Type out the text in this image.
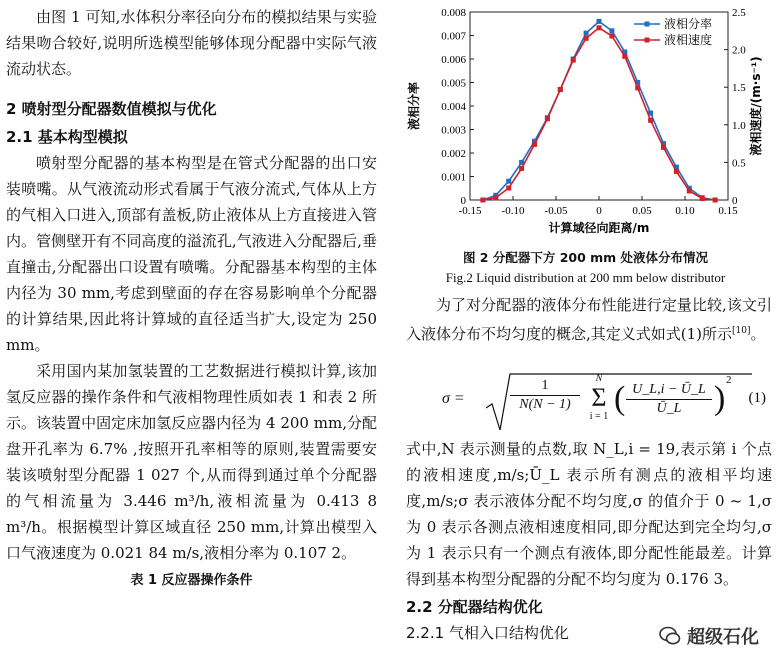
由图 1 可知,水体积分率径向分布的模拟结果与实验结果吻合较好,说明所选模型能够体现分配器中实际气液流动状态。

2 喷射型分配器数值模拟与优化

2.1 基本构型模拟

喷射型分配器的基本构型是在管式分配器的出口安装喷嘴。从气液流动形式看属于气液分流式,气体从上方的气相入口进入,顶部有盖板,防止液体从上方直接进入管内。管侧壁开有不同高度的溢流孔,气液进入分配器后,垂直撞击,分配器出口设置有喷嘴。分配器基本构型的主体内径为 30 mm,考虑到壁面的存在容易影响单个分配器的计算结果,因此将计算域的直径适当扩大,设定为 250 mm。

采用国内某加氢装置的工艺数据进行模拟计算,该加氢反应器的操作条件和气液相物理性质如表 1 和表 2 所示。该装置中固定床加氢反应器内径为 4 200 mm,分配盘开孔率为 6.7% ,按照开孔率相等的原则,装置需要安装该喷射型分配器 1 027 个,从而得到通过单个分配器的气相流量为 3.446 m³/h,液相流量为 0.413 8 m³/h。根据模型计算区域直径 250 mm,计算出模型入口气液速度为 0.021 84 m/s,液相分率为 0.107 2。

表 1 反应器操作条件

-0.15 -0.10 -0.05	0	0.05 0.10 0.15
0
0.001
0.002
0.003
0.004
0.005
0.006
0.007
0.008
0
0.5
1.0
1.5
2.0
2.5
计算域径向距离/m
液相分率	液相速度/(m·s⁻¹)
液相分率
液相速度
图 2 分配器下方 200 mm 处液体分布情况
Fig.2 Liquid distribution at 200 mm below distributor

为了对分配器的液体分布性能进行定量比较,该文引入液体分布不均匀度的概念,其定义式如式(1)所示[10]。

σ =
1
N(N − 1)
N
Σ
i = 1 ( U_L,i − Ū_L
Ū_L ) 2
(1)

式中,N 表示测量的点数,取 N_L,i = 19,表示第 i 个点的液相速度,m/s;Ū_L 表示所有测点的液相平均速度,m/s;σ 表示液体分配不均匀度,σ 的值介于 0 ~ 1,σ 为 0 表示各测点液相速度相同,即分配达到完全均匀,σ 为 1 表示只有一个测点有液体,即分配性能最差。计算得到基本构型分配器的分配不均匀度为 0.176 3。

2.2 分配器结构优化

2.2.1 气相入口结构优化	超级石化
